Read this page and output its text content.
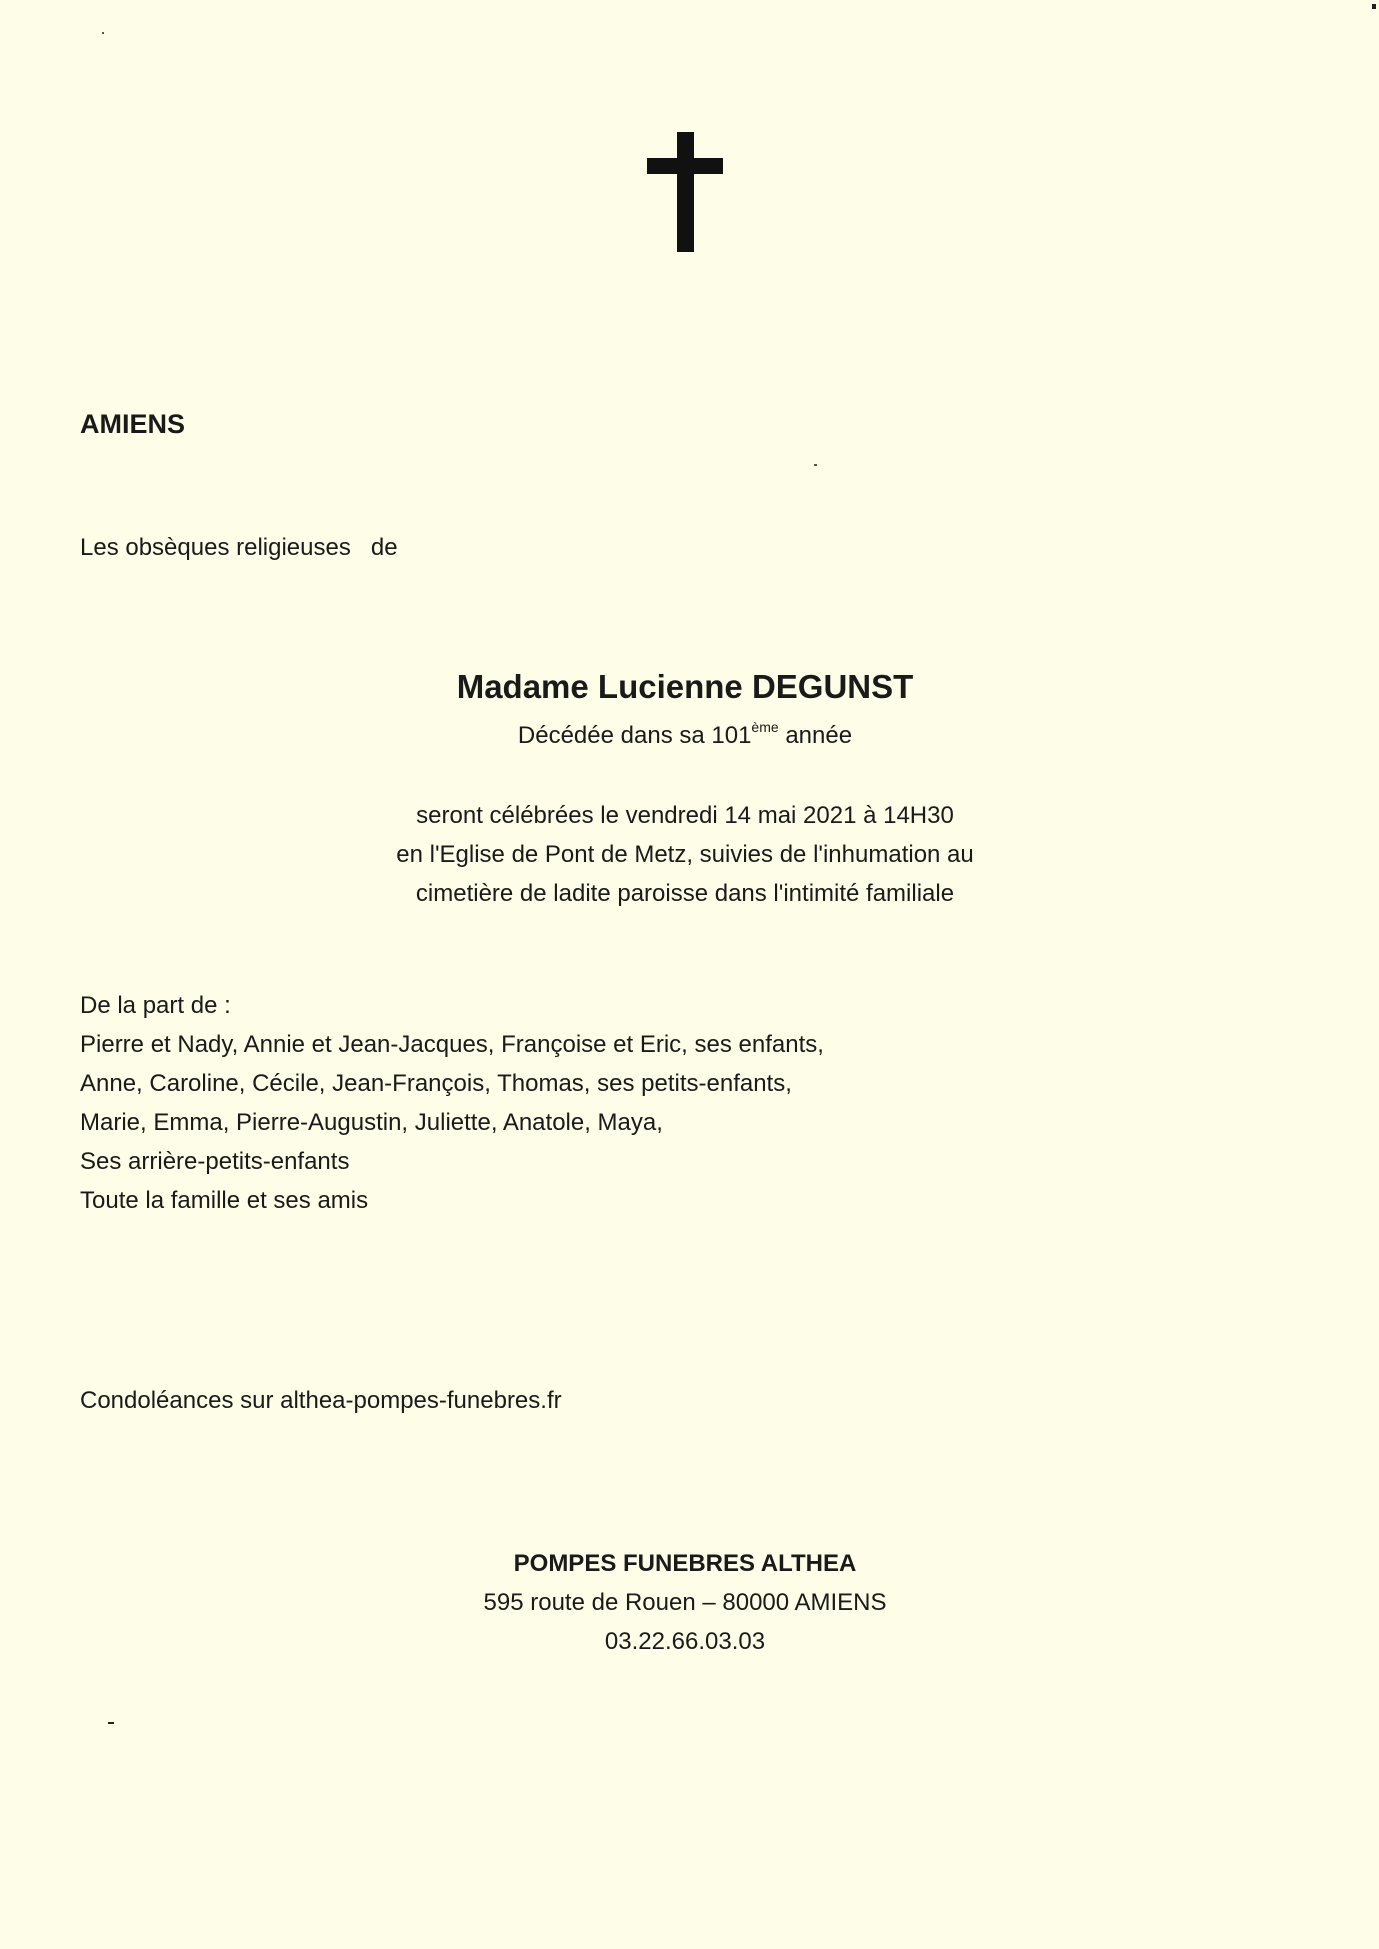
AMIENS
Les obsèques religieuses de
Madame Lucienne DEGUNST
Décédée dans sa 101ème année
seront célébrées le vendredi 14 mai 2021 à 14H30
en l'Eglise de Pont de Metz, suivies de l'inhumation au
cimetière de ladite paroisse dans l'intimité familiale
De la part de :
Pierre et Nady, Annie et Jean-Jacques, Françoise et Eric, ses enfants,
Anne, Caroline, Cécile, Jean-François, Thomas, ses petits-enfants,
Marie, Emma, Pierre-Augustin, Juliette, Anatole, Maya,
Ses arrière-petits-enfants
Toute la famille et ses amis
Condoléances sur althea-pompes-funebres.fr
POMPES FUNEBRES ALTHEA
595 route de Rouen – 80000 AMIENS
03.22.66.03.03
